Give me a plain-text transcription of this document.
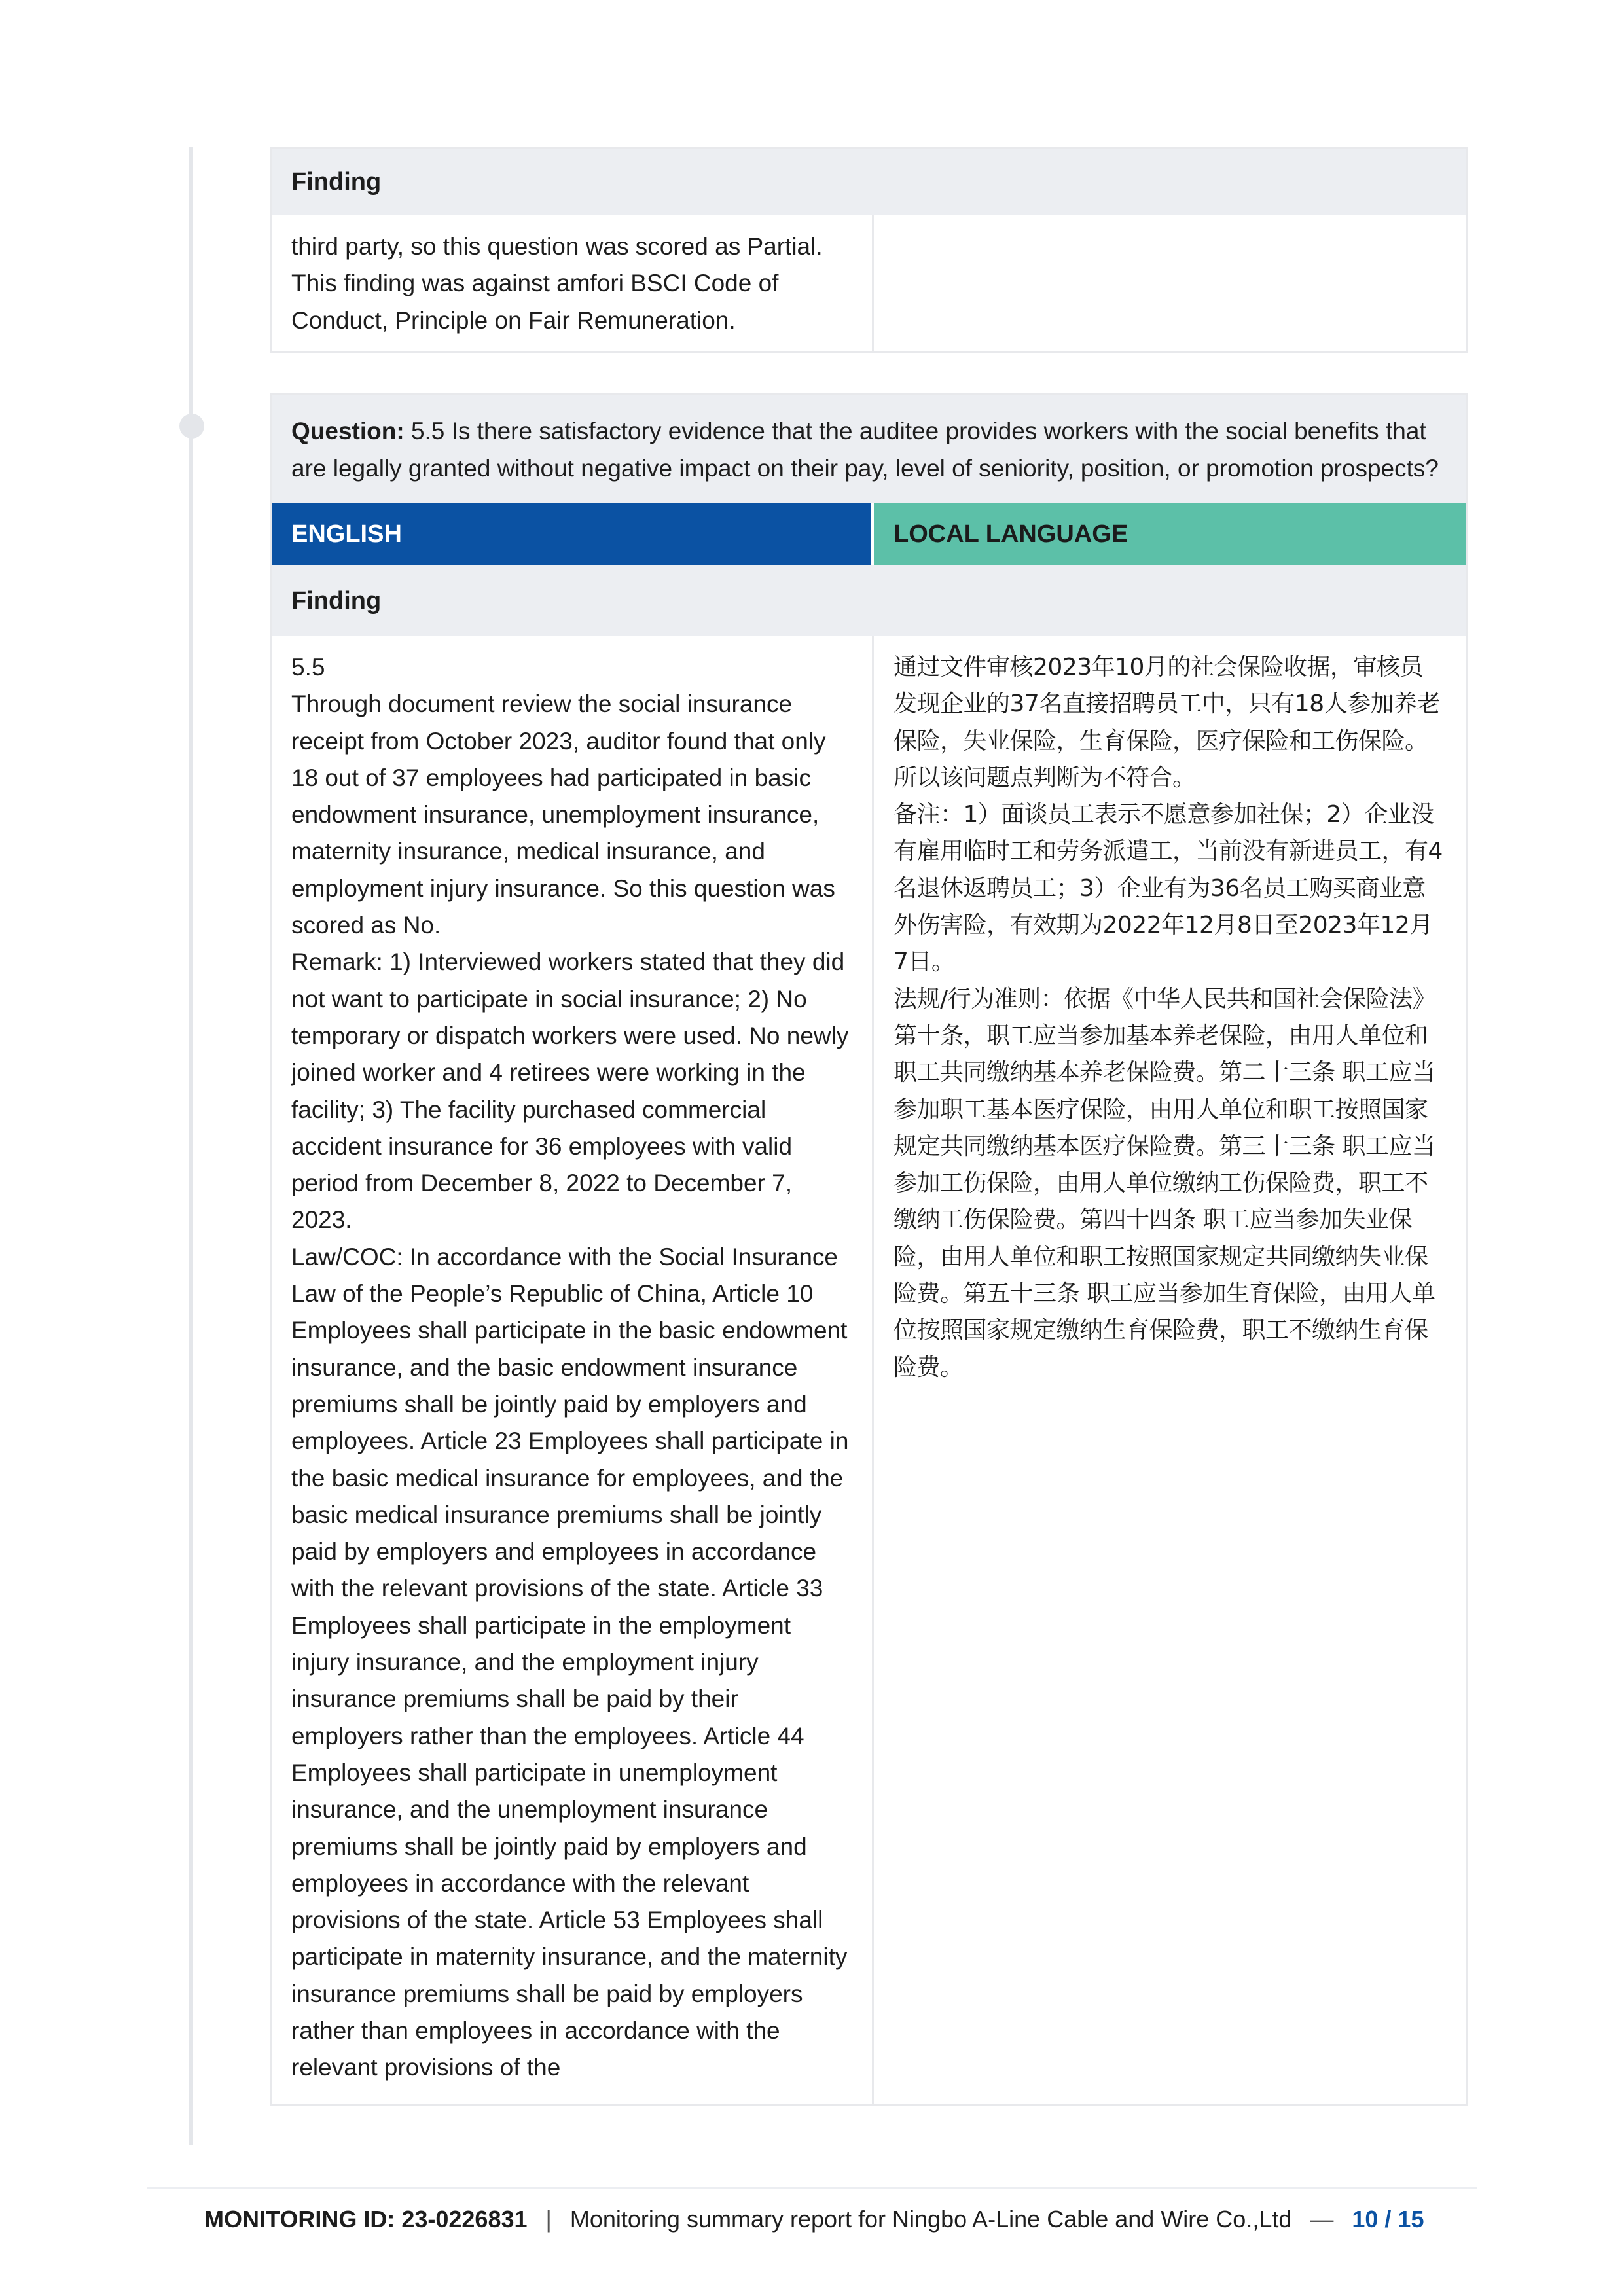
Finding

third party, so this question was scored as Partial. This finding was against amfori BSCI Code of Conduct, Principle on Fair Remuneration.

Question: 5.5 Is there satisfactory evidence that the auditee provides workers with the social benefits that are legally granted without negative impact on their pay, level of seniority, position, or promotion prospects?
ENGLISH	LOCAL LANGUAGE
Finding

5.5

Through document review the social insurance receipt from October 2023, auditor found that only 18 out of 37 employees had participated in basic endowment insurance, unemployment insurance, maternity insurance, medical insurance, and employment injury insurance. So this question was scored as No.

Remark: 1) Interviewed workers stated that they did not want to participate in social insurance; 2) No temporary or dispatch workers were used. No newly joined worker and 4 retirees were working in the facility; 3) The facility purchased commercial accident insurance for 36 employees with valid period from December 8, 2022 to December 7, 2023.

Law/COC: In accordance with the Social Insurance Law of the People’s Republic of China, Article 10 Employees shall participate in the basic endowment insurance, and the basic endowment insurance premiums shall be jointly paid by employers and employees. Article 23 Employees shall participate in the basic medical insurance for employees, and the basic medical insurance premiums shall be jointly paid by employers and employees in accordance with the relevant provisions of the state. Article 33 Employees shall participate in the employment injury insurance, and the employment injury insurance premiums shall be paid by their employers rather than the employees. Article 44 Employees shall participate in unemployment insurance, and the unemployment insurance premiums shall be jointly paid by employers and employees in accordance with the relevant provisions of the state. Article 53 Employees shall participate in maternity insurance, and the maternity insurance premiums shall be paid by employers rather than employees in accordance with the relevant provisions of the

通过文件审核2023年10月的社会保险收据，审核员发现企业的37名直接招聘员工中，只有18人参加养老保险，失业保险，生育保险，医疗保险和工伤保险。所以该问题点判断为不符合。

备注：1）面谈员工表示不愿意参加社保；2）企业没有雇用临时工和劳务派遣工，当前没有新进员工，有4名退休返聘员工；3）企业有为36名员工购买商业意外伤害险，有效期为2022年12月8日至2023年12月7日。

法规/行为准则：依据《中华人民共和国社会保险法》第十条，职工应当参加基本养老保险，由用人单位和职工共同缴纳基本养老保险费。第二十三条 职工应当参加职工基本医疗保险，由用人单位和职工按照国家规定共同缴纳基本医疗保险费。第三十三条 职工应当参加工伤保险，由用人单位缴纳工伤保险费，职工不缴纳工伤保险费。第四十四条 职工应当参加失业保险，由用人单位和职工按照国家规定共同缴纳失业保险费。第五十三条 职工应当参加生育保险，由用人单位按照国家规定缴纳生育保险费，职工不缴纳生育保险费。

MONITORING ID: 23-0226831 | Monitoring summary report for Ningbo A-Line Cable and Wire Co.,Ltd — 10 / 15
